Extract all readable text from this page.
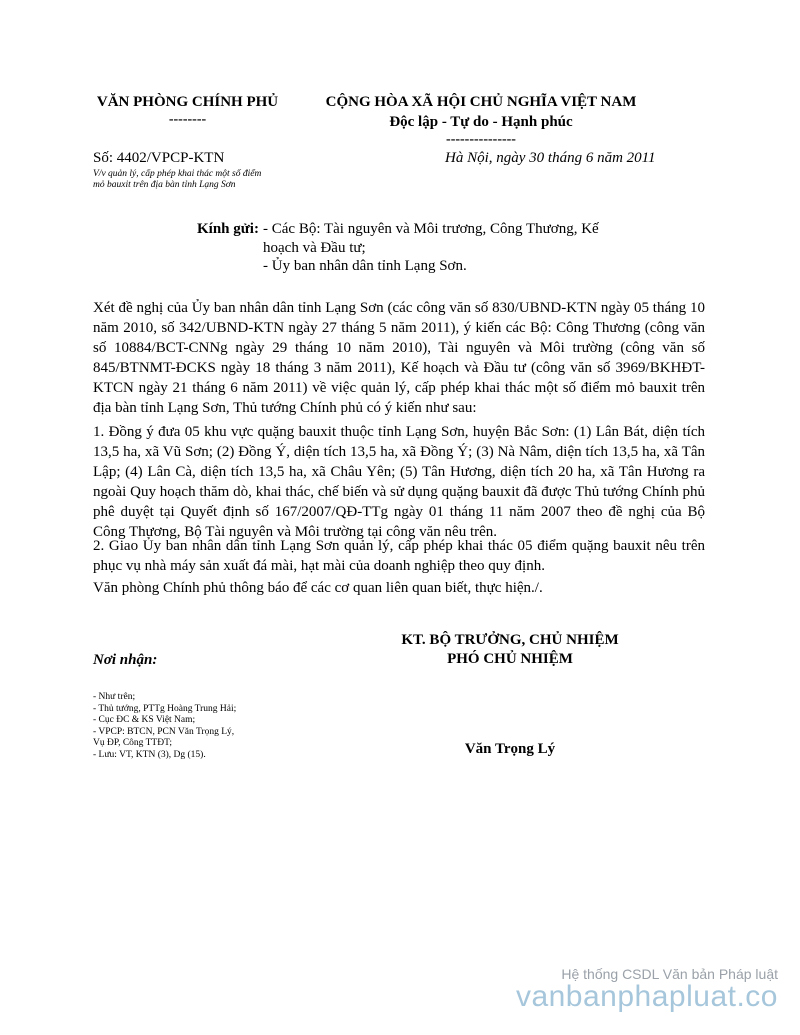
VĂN PHÒNG CHÍNH PHỦ
--------
CỘNG HÒA XÃ HỘI CHỦ NGHĨA VIỆT NAM
Độc lập - Tự do - Hạnh phúc
---------------
Số: 4402/VPCP-KTN
V/v quản lý, cấp phép khai thác một số điểm
mỏ bauxit trên địa bàn tỉnh Lạng Sơn
Hà Nội, ngày 30 tháng 6 năm 2011
Kính gửi: - Các Bộ: Tài nguyên và Môi trương, Công Thương, Kế
hoạch và Đầu tư;
- Ủy ban nhân dân tỉnh Lạng Sơn.
Xét đề nghị của Ủy ban nhân dân tỉnh Lạng Sơn (các công văn số 830/UBND-KTN ngày 05 tháng 10 năm 2010, số 342/UBND-KTN ngày 27 tháng 5 năm 2011), ý kiến các Bộ: Công Thương (công văn số 10884/BCT-CNNg ngày 29 tháng 10 năm 2010), Tài nguyên và Môi trường (công văn số 845/BTNMT-ĐCKS ngày 18 tháng 3 năm 2011), Kế hoạch và Đầu tư (công văn số 3969/BKHĐT-KTCN ngày 21 tháng 6 năm 2011) về việc quản lý, cấp phép khai thác một số điểm mỏ bauxit trên địa bàn tỉnh Lạng Sơn, Thủ tướng Chính phủ có ý kiến như sau:
1. Đồng ý đưa 05 khu vực quặng bauxit thuộc tỉnh Lạng Sơn, huyện Bắc Sơn: (1) Lân Bát, diện tích 13,5 ha, xã Vũ Sơn; (2) Đồng Ý, diện tích 13,5 ha, xã Đồng Ý; (3) Nà Nâm, diện tích 13,5 ha, xã Tân Lập; (4) Lân Cà, diện tích 13,5 ha, xã Châu Yên; (5) Tân Hương, diện tích 20 ha, xã Tân Hương ra ngoài Quy hoạch thăm dò, khai thác, chế biến và sử dụng quặng bauxit đã được Thủ tướng Chính phủ phê duyệt tại Quyết định số 167/2007/QĐ-TTg ngày 01 tháng 11 năm 2007 theo đề nghị của Bộ Công Thương, Bộ Tài nguyên và Môi trường tại công văn nêu trên.
2. Giao Ủy ban nhân dân tỉnh Lạng Sơn quản lý, cấp phép khai thác 05 điểm quặng bauxit nêu trên phục vụ nhà máy sản xuất đá mài, hạt mài của doanh nghiệp theo quy định.
Văn phòng Chính phủ thông báo để các cơ quan liên quan biết, thực hiện./.
KT. BỘ TRƯỞNG, CHỦ NHIỆM
PHÓ CHỦ NHIỆM
Văn Trọng Lý
Nơi nhận:
- Như trên;
- Thủ tướng, PTTg Hoàng Trung Hải;
- Cục ĐC & KS Việt Nam;
- VPCP: BTCN, PCN Văn Trọng Lý,
Vụ ĐP, Công TTĐT;
- Lưu: VT, KTN (3), Dg (15).
Hệ thống CSDL Văn bản Pháp luật
vanbanphapluat.co
